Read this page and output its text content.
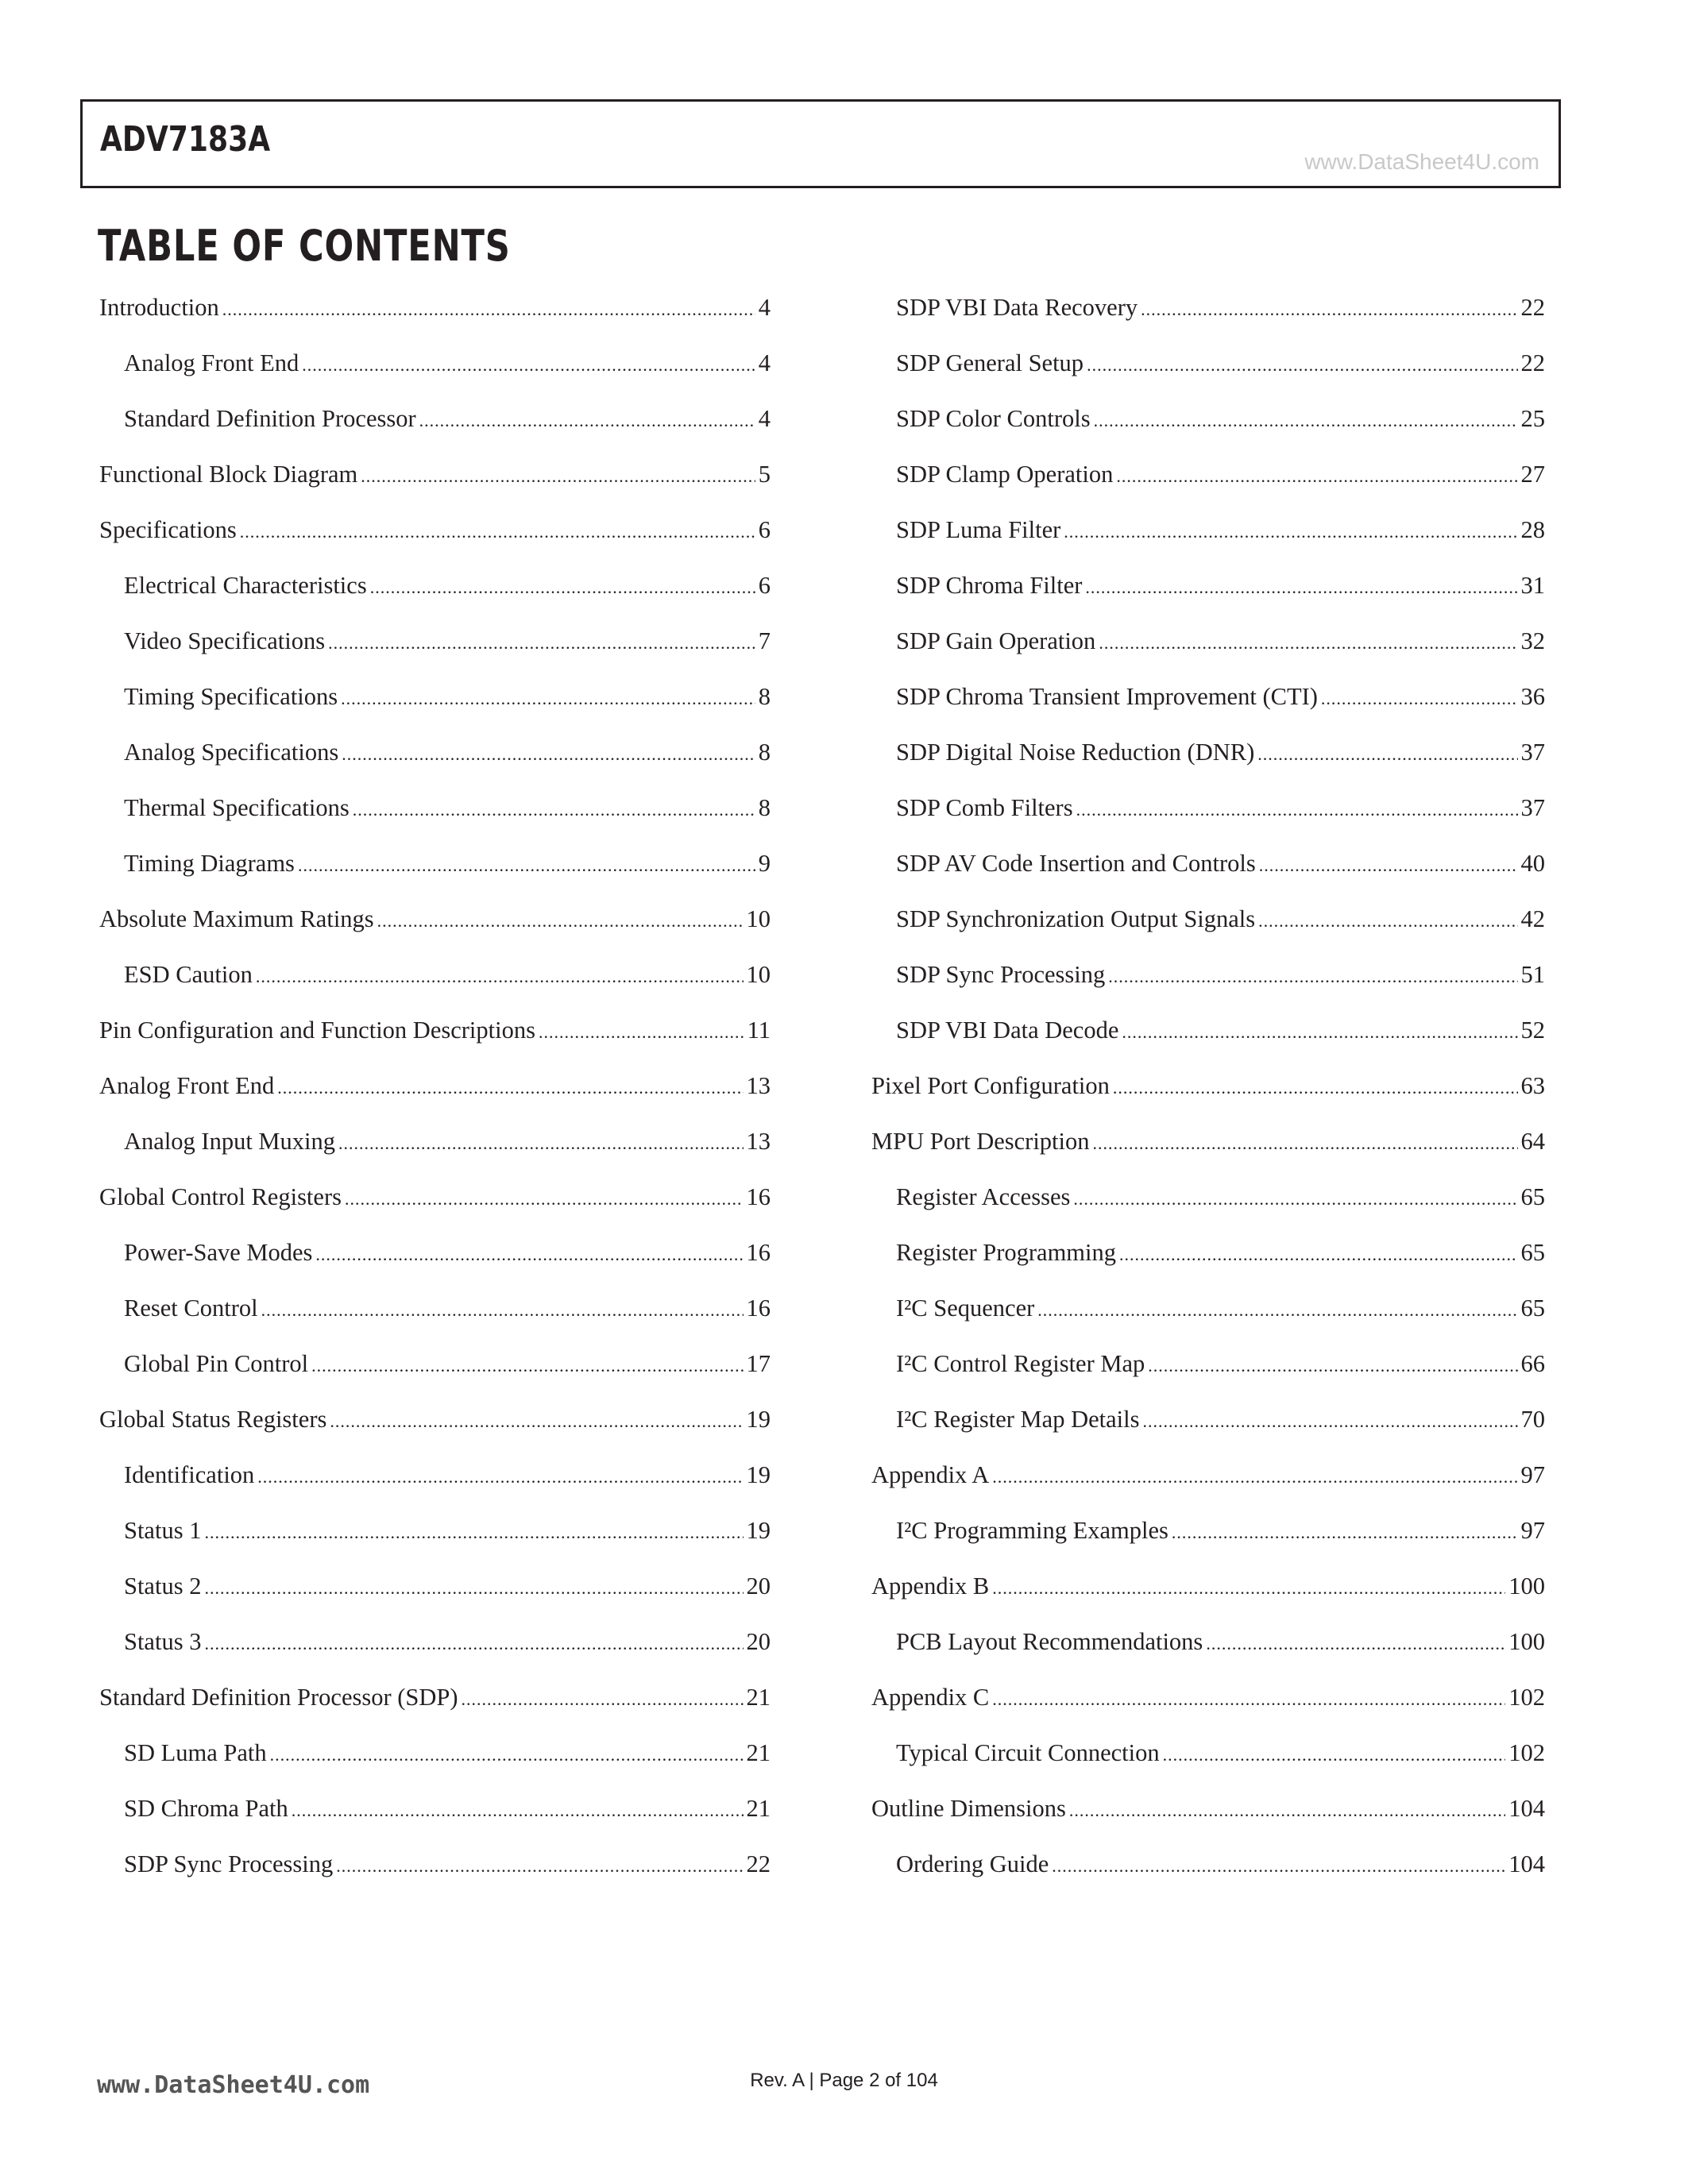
ADV7183A
www.DataSheet4U.com
TABLE OF CONTENTS
Introduction .....	4
Analog Front End .....	4
Standard Definition Processor .....	4
Functional Block Diagram .....	5
Specifications .....	6
Electrical Characteristics .....	6
Video Specifications .....	7
Timing Specifications .....	8
Analog Specifications .....	8
Thermal Specifications .....	8
Timing Diagrams .....	9
Absolute Maximum Ratings .....	10
ESD Caution .....	10
Pin Configuration and Function Descriptions .....	11
Analog Front End .....	13
Analog Input Muxing .....	13
Global Control Registers .....	16
Power-Save Modes .....	16
Reset Control .....	16
Global Pin Control .....	17
Global Status Registers .....	19
Identification .....	19
Status 1 .....	19
Status 2 .....	20
Status 3 .....	20
Standard Definition Processor (SDP) .....	21
SD Luma Path .....	21
SD Chroma Path .....	21
SDP Sync Processing .....	22
SDP VBI Data Recovery .....	22
SDP General Setup .....	22
SDP Color Controls .....	25
SDP Clamp Operation .....	27
SDP Luma Filter .....	28
SDP Chroma Filter .....	31
SDP Gain Operation .....	32
SDP Chroma Transient Improvement (CTI) .....	36
SDP Digital Noise Reduction (DNR) .....	37
SDP Comb Filters .....	37
SDP AV Code Insertion and Controls .....	40
SDP Synchronization Output Signals .....	42
SDP Sync Processing .....	51
SDP VBI Data Decode .....	52
Pixel Port Configuration .....	63
MPU Port Description .....	64
Register Accesses .....	65
Register Programming .....	65
I²C Sequencer .....	65
I²C Control Register Map .....	66
I²C Register Map Details .....	70
Appendix A .....	97
I²C Programming Examples .....	97
Appendix B .....	100
PCB Layout Recommendations .....	100
Appendix C .....	102
Typical Circuit Connection .....	102
Outline Dimensions .....	104
Ordering Guide .....	104
www.DataSheet4U.com	Rev. A | Page 2 of 104
